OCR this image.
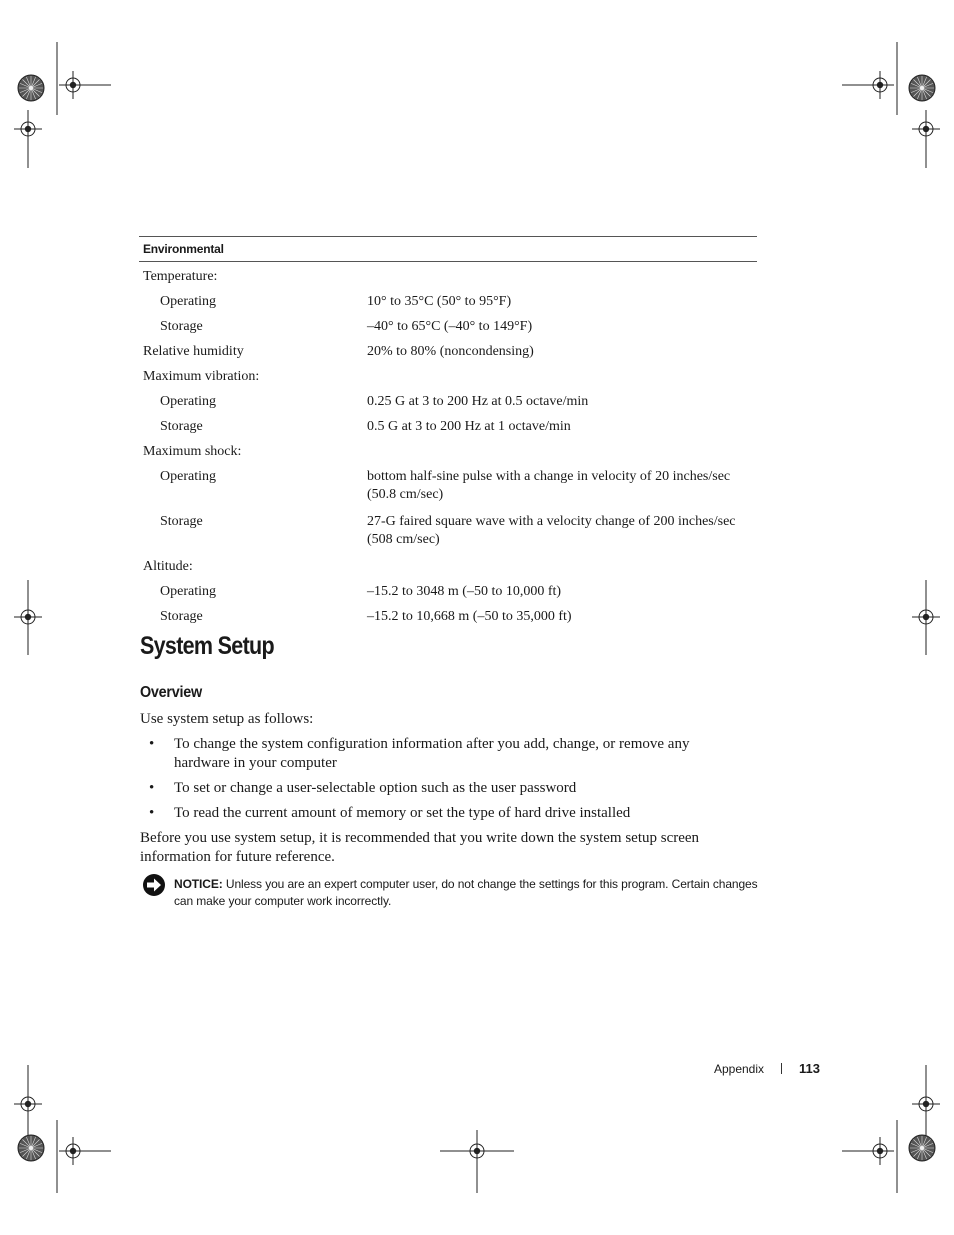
Environmental
Temperature:
Operating	10° to 35°C (50° to 95°F)
Storage	–40° to 65°C (–40° to 149°F)
Relative humidity	20% to 80% (noncondensing)
Maximum vibration:
Operating	0.25 G at 3 to 200 Hz at 0.5 octave/min
Storage	0.5 G at 3 to 200 Hz at 1 octave/min
Maximum shock:
Operating	bottom half-sine pulse with a change in velocity of 20 inches/sec (50.8 cm/sec)
Storage	27-G faired square wave with a velocity change of 200 inches/sec (508 cm/sec)
Altitude:
Operating	–15.2 to 3048 m (–50 to 10,000 ft)
Storage	–15.2 to 10,668 m (–50 to 35,000 ft)
System Setup
Overview
Use system setup as follows:
• To change the system configuration information after you add, change, or remove any hardware in your computer
• To set or change a user-selectable option such as the user password
• To read the current amount of memory or set the type of hard drive installed
Before you use system setup, it is recommended that you write down the system setup screen information for future reference.
NOTICE: Unless you are an expert computer user, do not change the settings for this program. Certain changes can make your computer work incorrectly.
Appendix	113
